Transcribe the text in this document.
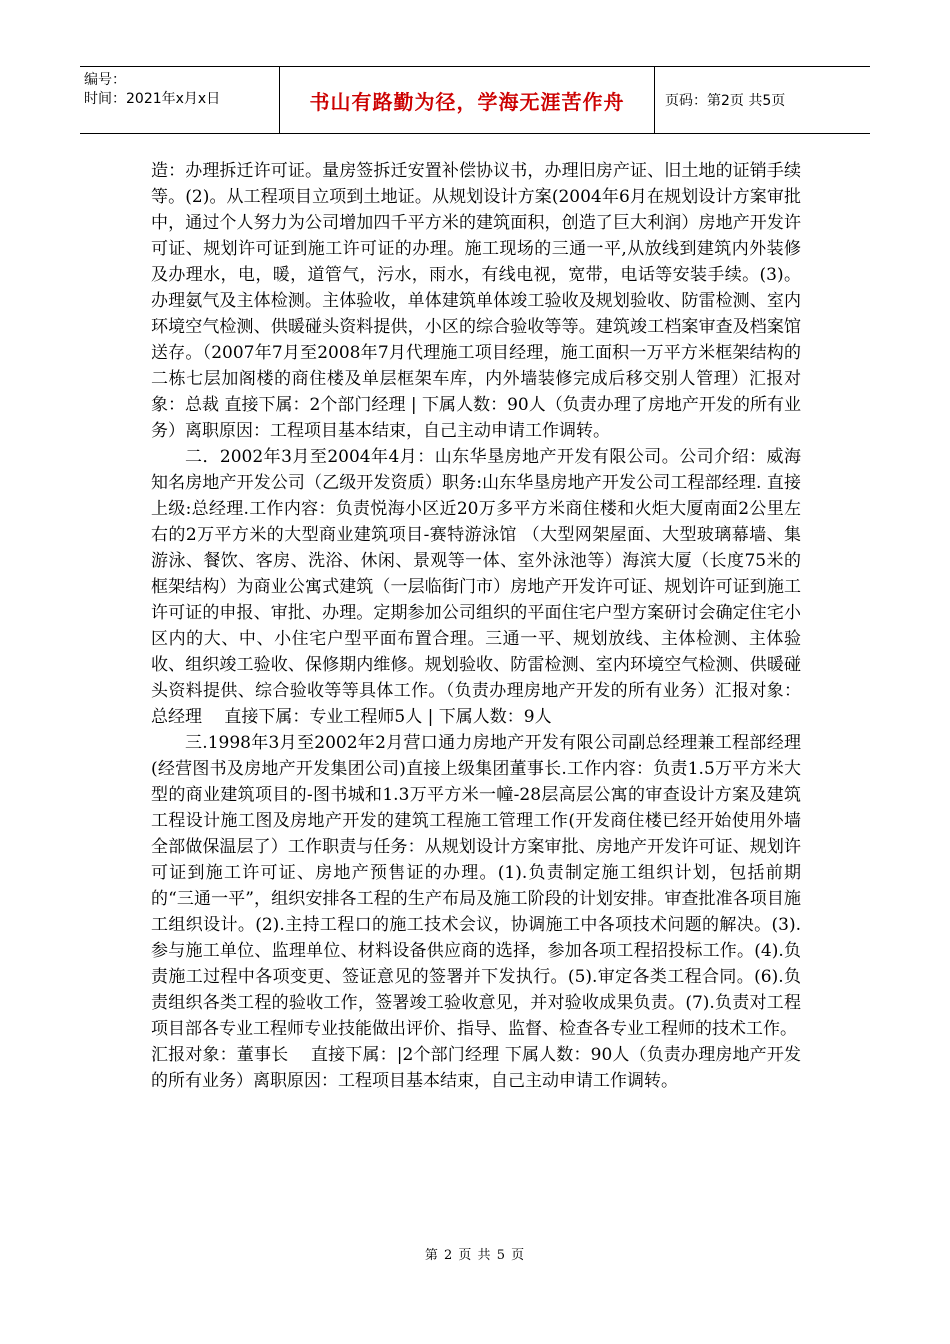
编号：
时间：2021年x月x日	书山有路勤为径，学海无涯苦作舟	页码：第2页 共5页

造：办理拆迁许可证。量房签拆迁安置补偿协议书，办理旧房产证、旧土地的证销手续等。(2)。从工程项目立项到土地证。从规划设计方案(2004年6月在规划设计方案审批中，通过个人努力为公司增加四千平方米的建筑面积，创造了巨大利润）房地产开发许可证、规划许可证到施工许可证的办理。施工现场的三通一平,从放线到建筑内外装修及办理水，电，暖，道管气，污水，雨水，有线电视，宽带，电话等安装手续。(3)。办理氨气及主体检测。主体验收，单体建筑单体竣工验收及规划验收、防雷检测、室内环境空气检测、供暖碰头资料提供，小区的综合验收等等。建筑竣工档案审查及档案馆送存。（2007年7月至2008年7月代理施工项目经理，施工面积一万平方米框架结构的二栋七层加阁楼的商住楼及单层框架车库，内外墙装修完成后移交别人管理）汇报对象：总裁 直接下属：2个部门经理 | 下属人数：90人（负责办理了房地产开发的所有业务）离职原因：工程项目基本结束，自己主动申请工作调转。

二．2002年3月至2004年4月：山东华垦房地产开发有限公司。公司介绍：威海知名房地产开发公司（乙级开发资质）职务:山东华垦房地产开发公司工程部经理. 直接上级:总经理.工作内容：负责悦海小区近20万多平方米商住楼和火炬大厦南面2公里左右的2万平方米的大型商业建筑项目-赛特游泳馆 （大型网架屋面、大型玻璃幕墙、集游泳、餐饮、客房、洗浴、休闲、景观等一体、室外泳池等）海滨大厦（长度75米的框架结构）为商业公寓式建筑（一层临街门市）房地产开发许可证、规划许可证到施工许可证的申报、审批、办理。定期参加公司组织的平面住宅户型方案研讨会确定住宅小区内的大、中、小住宅户型平面布置合理。三通一平、规划放线、主体检测、主体验收、组织竣工验收、保修期内维修。规划验收、防雷检测、室内环境空气检测、供暖碰头资料提供、综合验收等等具体工作。（负责办理房地产开发的所有业务）汇报对象：总经理　 直接下属：专业工程师5人 | 下属人数：9人

三.1998年3月至2002年2月营口通力房地产开发有限公司副总经理兼工程部经理(经营图书及房地产开发集团公司)直接上级集团董事长.工作内容：负责1.5万平方米大型的商业建筑项目的-图书城和1.3万平方米一幢-28层高层公寓的审查设计方案及建筑工程设计施工图及房地产开发的建筑工程施工管理工作(开发商住楼已经开始使用外墙全部做保温层了）工作职责与任务：从规划设计方案审批、房地产开发许可证、规划许可证到施工许可证、房地产预售证的办理。(1).负责制定施工组织计划，包括前期的“三通一平”，组织安排各工程的生产布局及施工阶段的计划安排。审查批准各项目施工组织设计。(2).主持工程口的施工技术会议，协调施工中各项技术问题的解决。(3).参与施工单位、监理单位、材料设备供应商的选择，参加各项工程招投标工作。(4).负责施工过程中各项变更、签证意见的签署并下发执行。(5).审定各类工程合同。(6).负责组织各类工程的验收工作，签署竣工验收意见，并对验收成果负责。(7).负责对工程项目部各专业工程师专业技能做出评价、指导、监督、检查各专业工程师的技术工作。

汇报对象：董事长　 直接下属：|2个部门经理 下属人数：90人（负责办理房地产开发的所有业务）离职原因：工程项目基本结束，自己主动申请工作调转。

第 2 页 共 5 页
